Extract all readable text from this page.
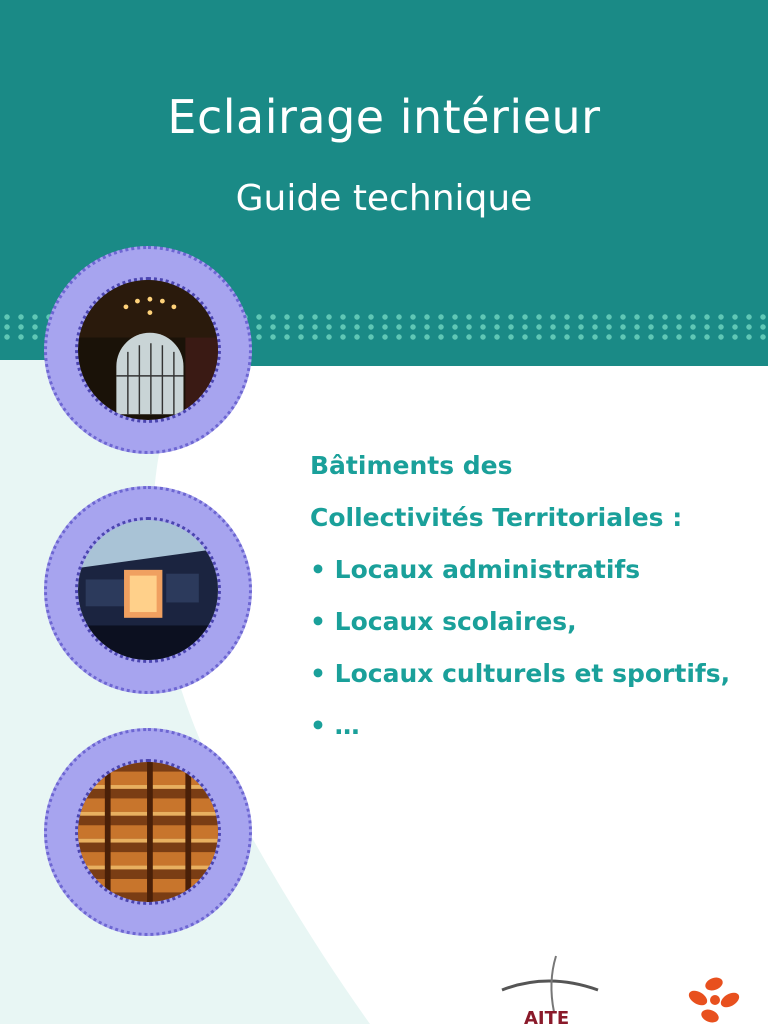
Eclairage intérieur
Guide technique
Bâtiments des
Collectivités Territoriales :
• Locaux administratifs
• Locaux scolaires,
• Locaux culturels et sportifs,
• …
AITE
